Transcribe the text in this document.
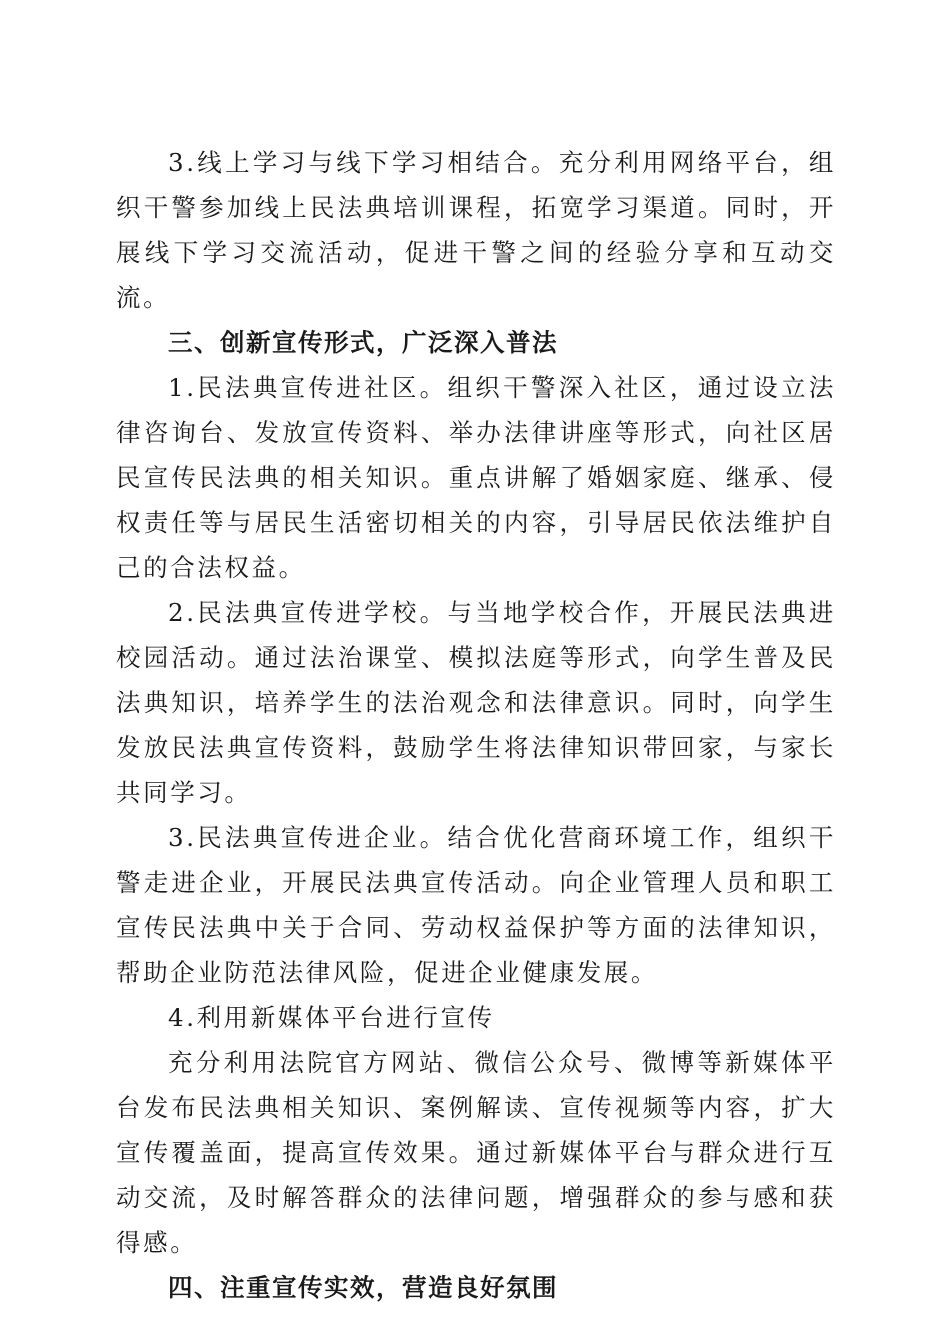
3.线上学习与线下学习相结合。充分利用网络平台，组织干警参加线上民法典培训课程，拓宽学习渠道。同时，开展线下学习交流活动，促进干警之间的经验分享和互动交流。

三、创新宣传形式，广泛深入普法

1.民法典宣传进社区。组织干警深入社区，通过设立法律咨询台、发放宣传资料、举办法律讲座等形式，向社区居民宣传民法典的相关知识。重点讲解了婚姻家庭、继承、侵权责任等与居民生活密切相关的内容，引导居民依法维护自己的合法权益。

2.民法典宣传进学校。与当地学校合作，开展民法典进校园活动。通过法治课堂、模拟法庭等形式，向学生普及民法典知识，培养学生的法治观念和法律意识。同时，向学生发放民法典宣传资料，鼓励学生将法律知识带回家，与家长共同学习。

3.民法典宣传进企业。结合优化营商环境工作，组织干警走进企业，开展民法典宣传活动。向企业管理人员和职工宣传民法典中关于合同、劳动权益保护等方面的法律知识，帮助企业防范法律风险，促进企业健康发展。

4.利用新媒体平台进行宣传

充分利用法院官方网站、微信公众号、微博等新媒体平台发布民法典相关知识、案例解读、宣传视频等内容，扩大宣传覆盖面，提高宣传效果。通过新媒体平台与群众进行互动交流，及时解答群众的法律问题，增强群众的参与感和获得感。

四、注重宣传实效，营造良好氛围
